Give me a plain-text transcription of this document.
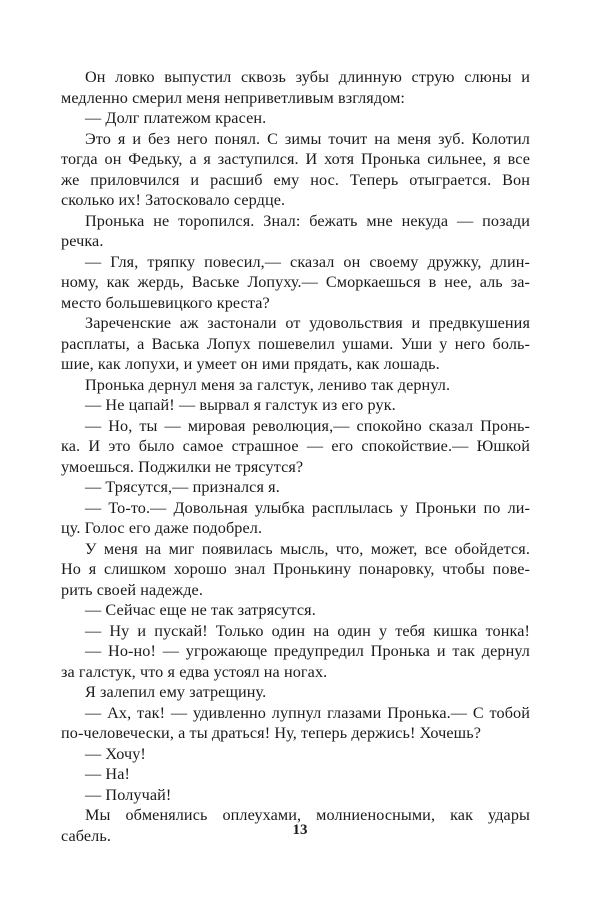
Он ловко выпустил сквозь зубы длинную струю слюны и
медленно смерил меня неприветливым взглядом:
— Долг платежом красен.
Это я и без него понял. С зимы точит на меня зуб. Колотил
тогда он Федьку, а я заступился. И хотя Пронька сильнее, я все
же приловчился и расшиб ему нос. Теперь отыграется. Вон
сколько их! Затосковало сердце.
Пронька не торопился. Знал: бежать мне некуда — позади
речка.
— Гля, тряпку повесил,— сказал он своему дружку, длин-
ному, как жердь, Ваське Лопуху.— Сморкаешься в нее, аль за-
место большевицкого креста?
Зареченские аж застонали от удовольствия и предвкушения
расплаты, а Васька Лопух пошевелил ушами. Уши у него боль-
шие, как лопухи, и умеет он ими прядать, как лошадь.
Пронька дернул меня за галстук, лениво так дернул.
— Не цапай! — вырвал я галстук из его рук.
— Но, ты — мировая революция,— спокойно сказал Пронь-
ка. И это было самое страшное — его спокойствие.— Юшкой
умоешься. Поджилки не трясутся?
— Трясутся,— признался я.
— То-то.— Довольная улыбка расплылась у Проньки по ли-
цу. Голос его даже подобрел.
У меня на миг появилась мысль, что, может, все обойдется.
Но я слишком хорошо знал Пронькину понаровку, чтобы пове-
рить своей надежде.
— Сейчас еще не так затрясутся.
— Ну и пускай! Только один на один у тебя кишка тонка!
— Но-но! — угрожающе предупредил Пронька и так дернул
за галстук, что я едва устоял на ногах.
Я залепил ему затрещину.
— Ах, так! — удивленно лупнул глазами Пронька.— С тобой
по-человечески, а ты драться! Ну, теперь держись! Хочешь?
— Хочу!
— На!
— Получай!
Мы обменялись оплеухами, молниеносными, как удары
сабель.	13
